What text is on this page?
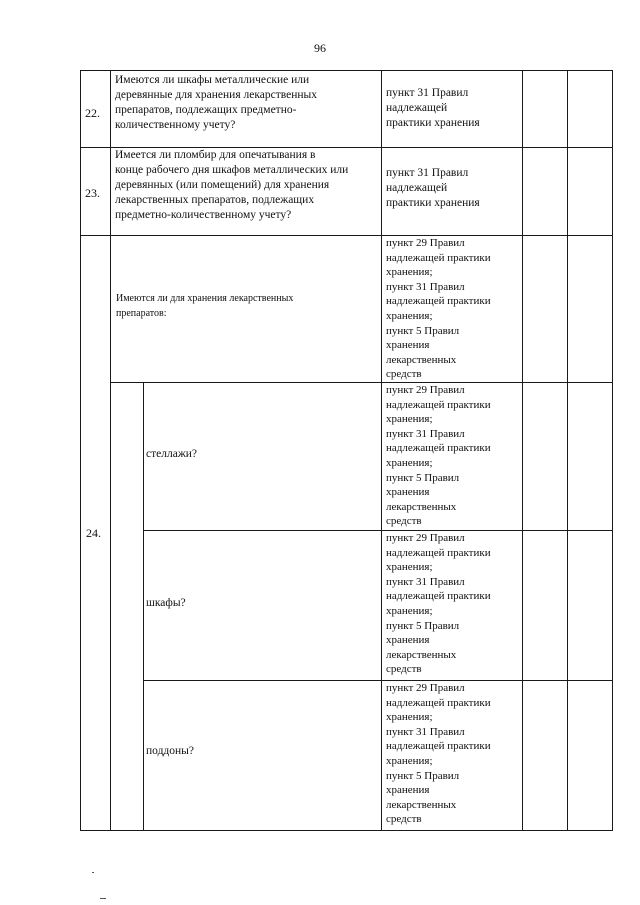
96
22.
Имеются ли шкафы металлические или
деревянные для хранения лекарственных
препаратов, подлежащих предметно-
количественному учету?
пункт 31 Правил
надлежащей
практики хранения
23.
Имеется ли пломбир для опечатывания в
конце рабочего дня шкафов металлических или
деревянных (или помещений) для хранения
лекарственных препаратов, подлежащих
предметно-количественному учету?
пункт 31 Правил
надлежащей
практики хранения
24.
Имеются ли для хранения лекарственных
препаратов:
пункт 29 Правил
надлежащей практики
хранения;
пункт 31 Правил
надлежащей практики
хранения;
пункт 5 Правил
хранения
лекарственных
средств
стеллажи?
пункт 29 Правил
надлежащей практики
хранения;
пункт 31 Правил
надлежащей практики
хранения;
пункт 5 Правил
хранения
лекарственных
средств
шкафы?
пункт 29 Правил
надлежащей практики
хранения;
пункт 31 Правил
надлежащей практики
хранения;
пункт 5 Правил
хранения
лекарственных
средств
поддоны?
пункт 29 Правил
надлежащей практики
хранения;
пункт 31 Правил
надлежащей практики
хранения;
пункт 5 Правил
хранения
лекарственных
средств
